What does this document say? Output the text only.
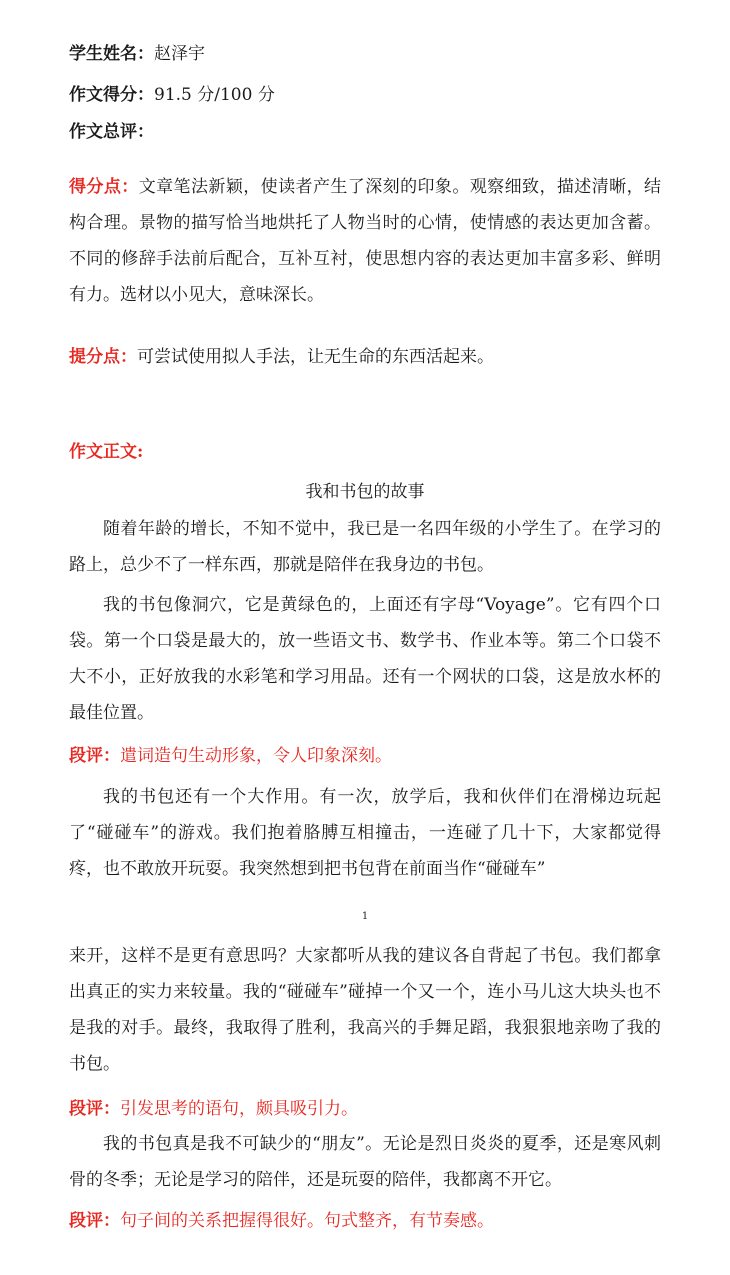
学生姓名：赵泽宇
作文得分：91.5 分/100 分
作文总评：
得分点：文章笔法新颖，使读者产生了深刻的印象。观察细致，描述清晰，结构合理。景物的描写恰当地烘托了人物当时的心情，使情感的表达更加含蓄。不同的修辞手法前后配合，互补互衬，使思想内容的表达更加丰富多彩、鲜明有力。选材以小见大，意味深长。
提分点：可尝试使用拟人手法，让无生命的东西活起来。
作文正文:
我和书包的故事
随着年龄的增长，不知不觉中，我已是一名四年级的小学生了。在学习的路上，总少不了一样东西，那就是陪伴在我身边的书包。
我的书包像洞穴，它是黄绿色的，上面还有字母“Voyage”。它有四个口袋。第一个口袋是最大的，放一些语文书、数学书、作业本等。第二个口袋不大不小，正好放我的水彩笔和学习用品。还有一个网状的口袋，这是放水杯的最佳位置。
段评：遣词造句生动形象，令人印象深刻。
我的书包还有一个大作用。有一次，放学后，我和伙伴们在滑梯边玩起了“碰碰车”的游戏。我们抱着胳膊互相撞击，一连碰了几十下，大家都觉得疼，也不敢放开玩耍。我突然想到把书包背在前面当作“碰碰车”
1
来开，这样不是更有意思吗？大家都听从我的建议各自背起了书包。我们都拿出真正的实力来较量。我的“碰碰车”碰掉一个又一个，连小马儿这大块头也不是我的对手。最终，我取得了胜利，我高兴的手舞足蹈，我狠狠地亲吻了我的书包。
段评：引发思考的语句，颇具吸引力。
我的书包真是我不可缺少的“朋友”。无论是烈日炎炎的夏季，还是寒风刺骨的冬季；无论是学习的陪伴，还是玩耍的陪伴，我都离不开它。
段评：句子间的关系把握得很好。句式整齐，有节奏感。
